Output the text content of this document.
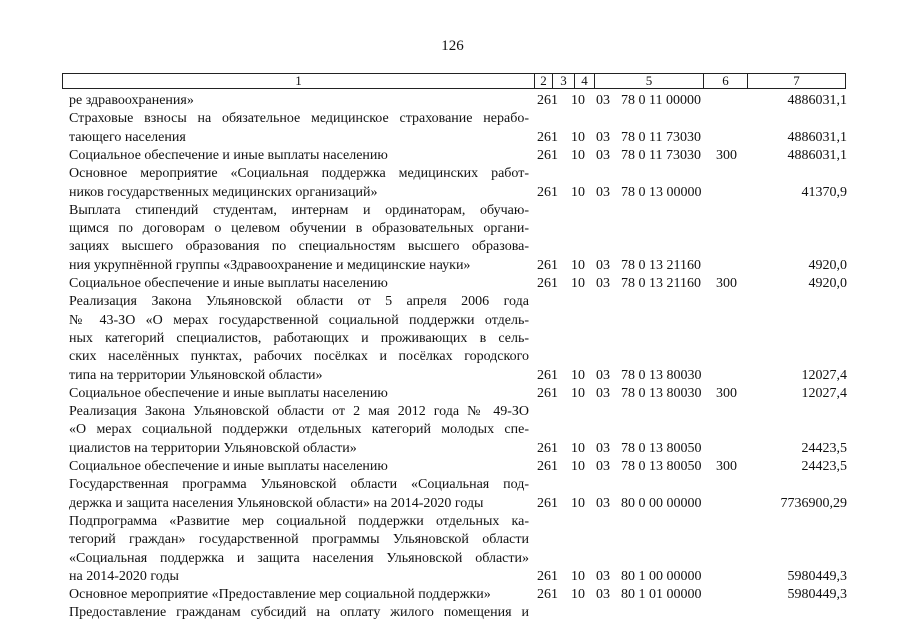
126
1	2	3	4	5	6	7
ре здравоохранения»	261 10 03 78 0 11 00000	4886031,1
Страховые взносы на обязательное медицинское страхование нерабо-
тающего населения	261 10 03 78 0 11 73030	4886031,1
Социальное обеспечение и иные выплаты населению	261 10 03 78 0 11 73030 300	4886031,1
Основное мероприятие «Социальная поддержка медицинских работ-
ников государственных медицинских организаций»	261 10 03 78 0 13 00000	41370,9
Выплата стипендий студентам, интернам и ординаторам, обучаю-
щимся по договорам о целевом обучении в образовательных органи-
зациях высшего образования по специальностям высшего образова-
ния укрупнённой группы «Здравоохранение и медицинские науки»	261 10 03 78 0 13 21160	4920,0
Социальное обеспечение и иные выплаты населению	261 10 03 78 0 13 21160 300	4920,0
Реализация Закона Ульяновской области от 5 апреля 2006 года
№ 43-ЗО «О мерах государственной социальной поддержки отдель-
ных категорий специалистов, работающих и проживающих в сель-
ских населённых пунктах, рабочих посёлках и посёлках городского
типа на территории Ульяновской области»	261 10 03 78 0 13 80030	12027,4
Социальное обеспечение и иные выплаты населению	261 10 03 78 0 13 80030 300	12027,4
Реализация Закона Ульяновской области от 2 мая 2012 года № 49-ЗО
«О мерах социальной поддержки отдельных категорий молодых спе-
циалистов на территории Ульяновской области»	261 10 03 78 0 13 80050	24423,5
Социальное обеспечение и иные выплаты населению	261 10 03 78 0 13 80050 300	24423,5
Государственная программа Ульяновской области «Социальная под-
держка и защита населения Ульяновской области» на 2014-2020 годы	261 10 03 80 0 00 00000	7736900,29
Подпрограмма «Развитие мер социальной поддержки отдельных ка-
тегорий граждан» государственной программы Ульяновской области
«Социальная поддержка и защита населения Ульяновской области»
на 2014-2020 годы	261 10 03 80 1 00 00000	5980449,3
Основное мероприятие «Предоставление мер социальной поддержки»	261 10 03 80 1 01 00000	5980449,3
Предоставление гражданам субсидий на оплату жилого помещения и
